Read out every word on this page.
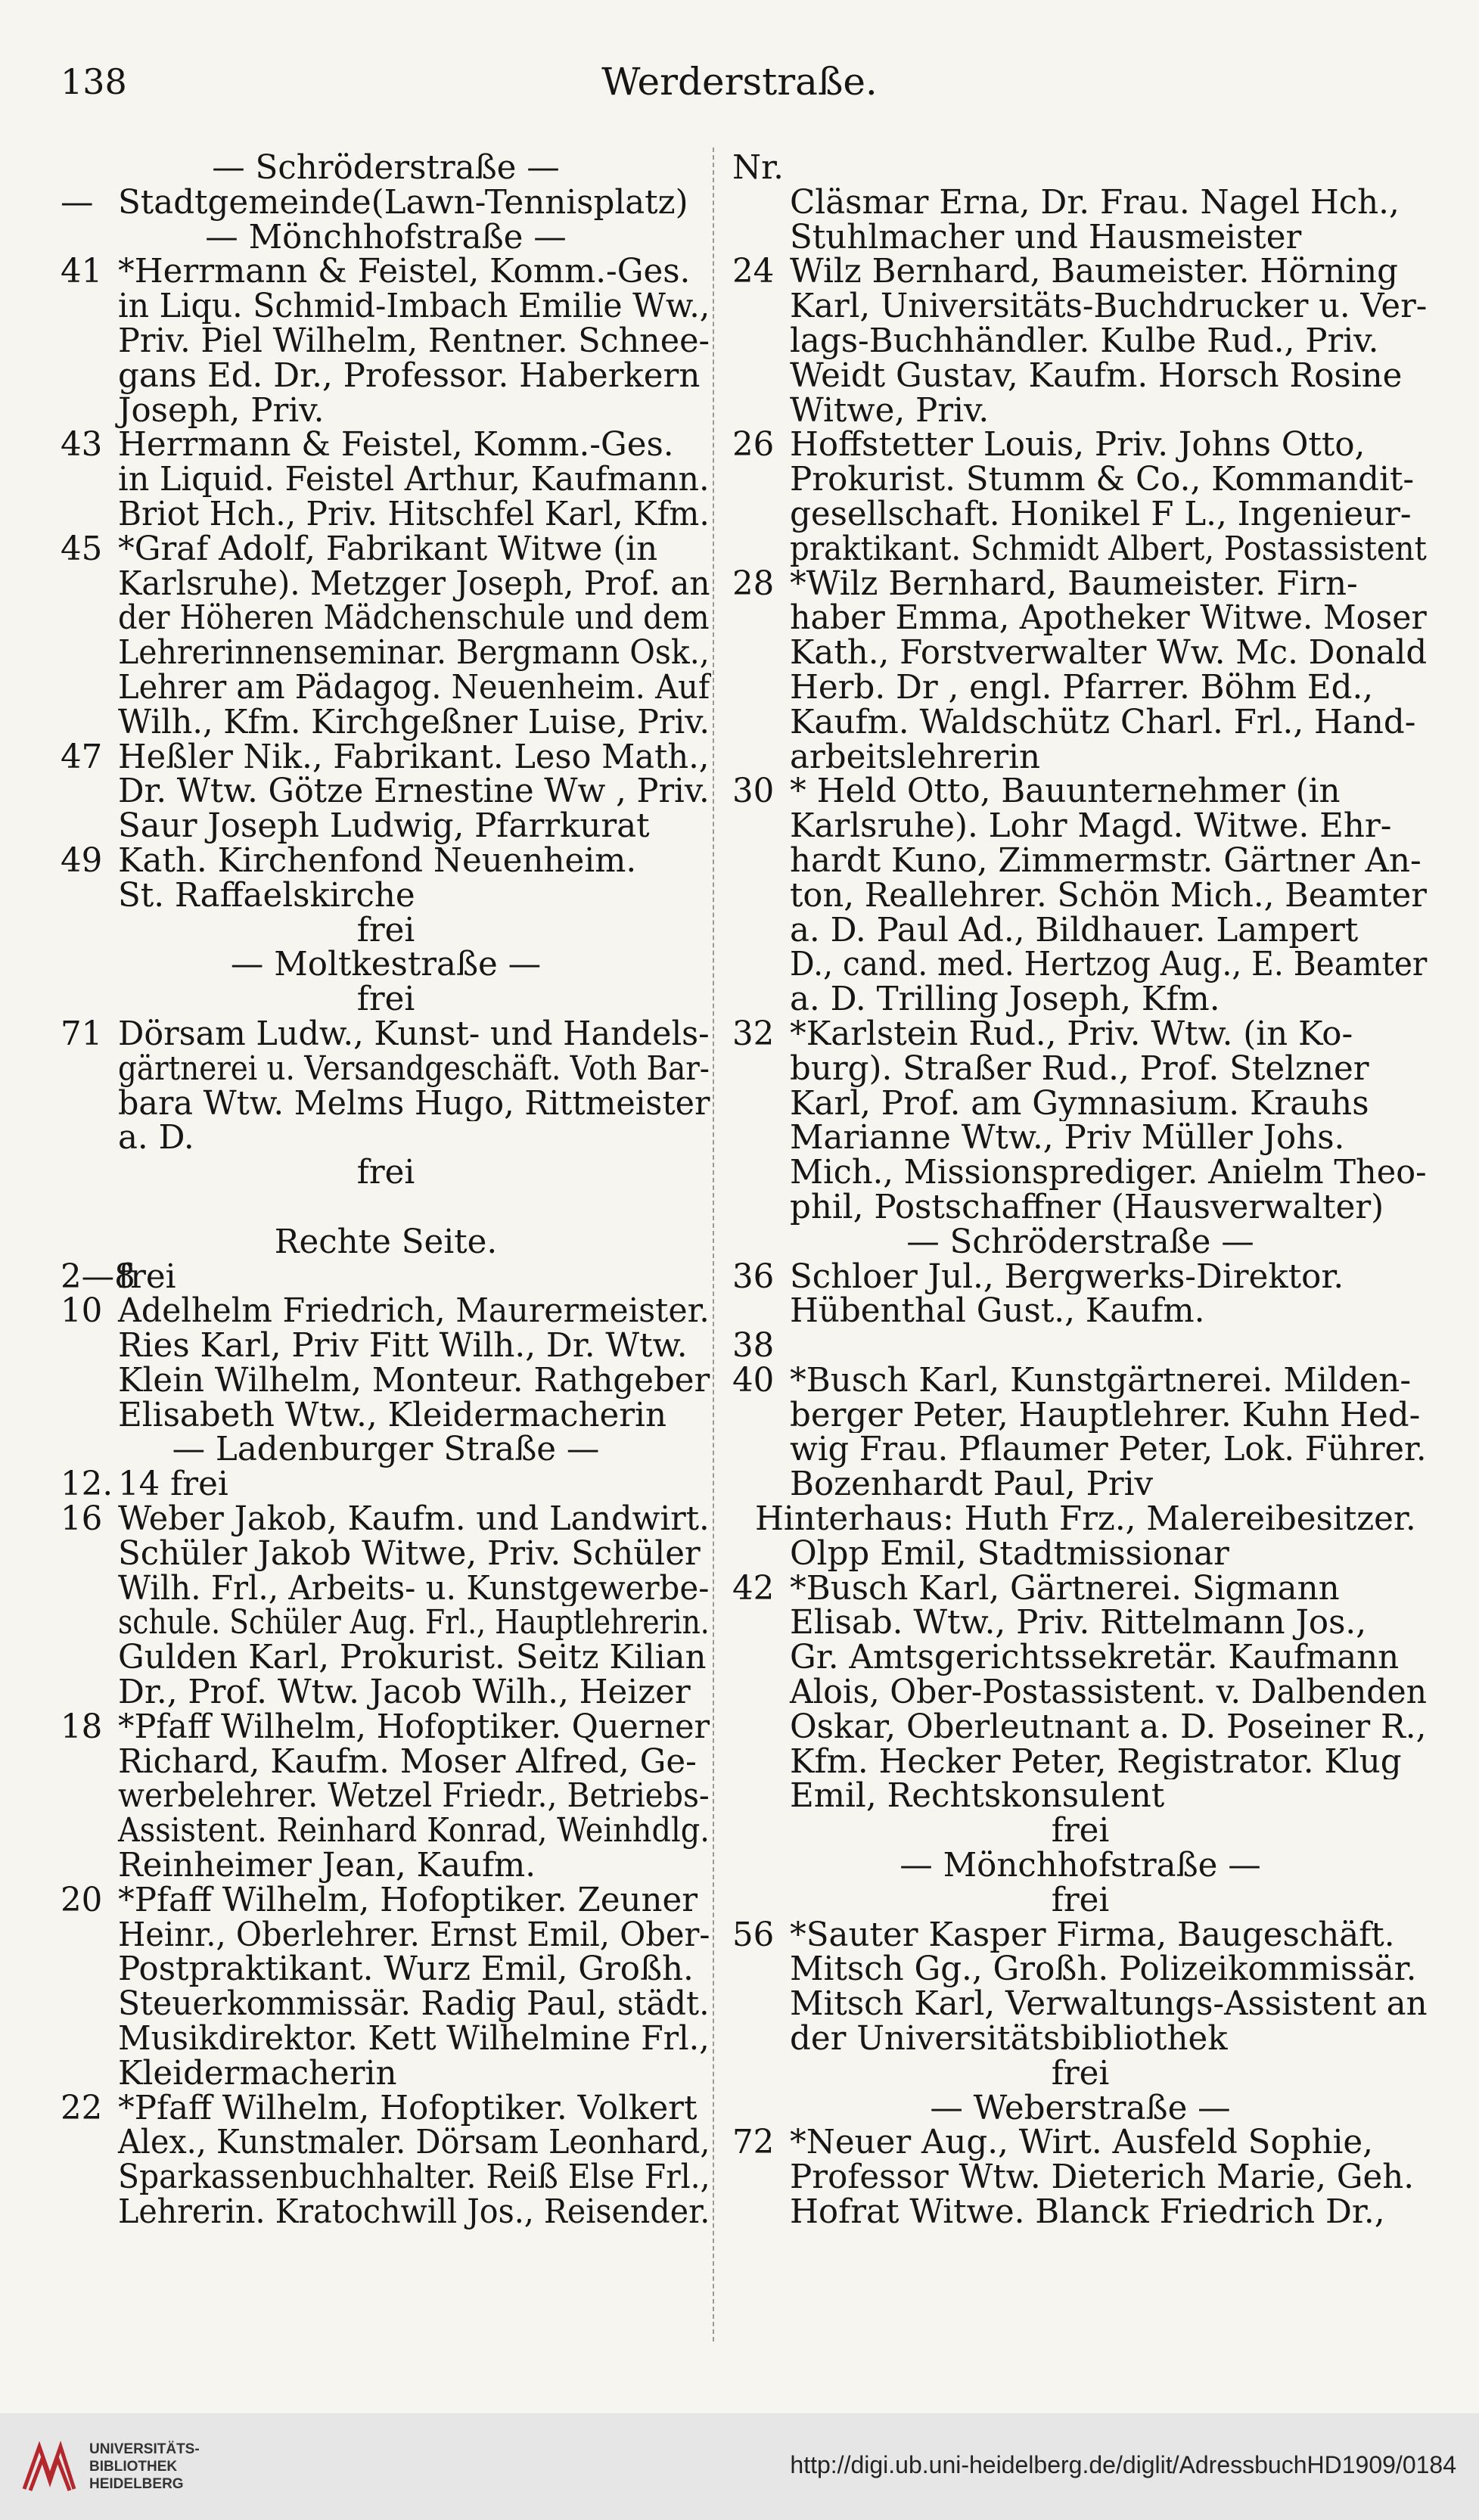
138	Werderstraße.
— Schröderstraße —
— Stadtgemeinde(Lawn-Tennisplatz)
— Mönchhofstraße —
41 *Herrmann & Feistel, Komm.-Ges.
in Liqu. Schmid-Imbach Emilie Ww.,
Priv. Piel Wilhelm, Rentner. Schnee-
gans Ed. Dr., Professor. Haberkern
Joseph, Priv.
43 Herrmann & Feistel, Komm.-Ges.
in Liquid. Feistel Arthur, Kaufmann.
Briot Hch., Priv. Hitschfel Karl, Kfm.
45 *Graf Adolf, Fabrikant Witwe (in
Karlsruhe). Metzger Joseph, Prof. an
der Höheren Mädchenschule und dem
Lehrerinnenseminar. Bergmann Osk.,
Lehrer am Pädagog. Neuenheim. Auf
Wilh., Kfm. Kirchgeßner Luise, Priv.
47 Heßler Nik., Fabrikant. Leso Math.,
Dr. Wtw. Götze Ernestine Ww , Priv.
Saur Joseph Ludwig, Pfarrkurat
49 Kath. Kirchenfond Neuenheim.
St. Raffaelskirche
frei
— Moltkestraße —
frei
71 Dörsam Ludw., Kunst- und Handels-
gärtnerei u. Versandgeschäft. Voth Bar-
bara Wtw. Melms Hugo, Rittmeister
a. D.
frei
Rechte Seite.
2—8frei
10 Adelhelm Friedrich, Maurermeister.
Ries Karl, Priv Fitt Wilh., Dr. Wtw.
Klein Wilhelm, Monteur. Rathgeber
Elisabeth Wtw., Kleidermacherin
— Ladenburger Straße —
12. 14 frei
16 Weber Jakob, Kaufm. und Landwirt.
Schüler Jakob Witwe, Priv. Schüler
Wilh. Frl., Arbeits- u. Kunstgewerbe-
schule. Schüler Aug. Frl., Hauptlehrerin.
Gulden Karl, Prokurist. Seitz Kilian
Dr., Prof. Wtw. Jacob Wilh., Heizer
18 *Pfaff Wilhelm, Hofoptiker. Querner
Richard, Kaufm. Moser Alfred, Ge-
werbelehrer. Wetzel Friedr., Betriebs-
Assistent. Reinhard Konrad, Weinhdlg.
Reinheimer Jean, Kaufm.
20 *Pfaff Wilhelm, Hofoptiker. Zeuner
Heinr., Oberlehrer. Ernst Emil, Ober-
Postpraktikant. Wurz Emil, Großh.
Steuerkommissär. Radig Paul, städt.
Musikdirektor. Kett Wilhelmine Frl.,
Kleidermacherin
22 *Pfaff Wilhelm, Hofoptiker. Volkert
Alex., Kunstmaler. Dörsam Leonhard,
Sparkassenbuchhalter. Reiß Else Frl.,
Lehrerin. Kratochwill Jos., Reisender.
Nr.
Cläsmar Erna, Dr. Frau. Nagel Hch.,
Stuhlmacher und Hausmeister
24 Wilz Bernhard, Baumeister. Hörning
Karl, Universitäts-Buchdrucker u. Ver-
lags-Buchhändler. Kulbe Rud., Priv.
Weidt Gustav, Kaufm. Horsch Rosine
Witwe, Priv.
26 Hoffstetter Louis, Priv. Johns Otto,
Prokurist. Stumm & Co., Kommandit-
gesellschaft. Honikel F L., Ingenieur-
praktikant. Schmidt Albert, Postassistent
28 *Wilz Bernhard, Baumeister. Firn-
haber Emma, Apotheker Witwe. Moser
Kath., Forstverwalter Ww. Mc. Donald
Herb. Dr , engl. Pfarrer. Böhm Ed.,
Kaufm. Waldschütz Charl. Frl., Hand-
arbeitslehrerin
30 * Held Otto, Bauunternehmer (in
Karlsruhe). Lohr Magd. Witwe. Ehr-
hardt Kuno, Zimmermstr. Gärtner An-
ton, Reallehrer. Schön Mich., Beamter
a. D. Paul Ad., Bildhauer. Lampert
D., cand. med. Hertzog Aug., E. Beamter
a. D. Trilling Joseph, Kfm.
32 *Karlstein Rud., Priv. Wtw. (in Ko-
burg). Straßer Rud., Prof. Stelzner
Karl, Prof. am Gymnasium. Krauhs
Marianne Wtw., Priv Müller Johs.
Mich., Missionsprediger. Anielm Theo-
phil, Postschaffner (Hausverwalter)
— Schröderstraße —
36 Schloer Jul., Bergwerks-Direktor.
Hübenthal Gust., Kaufm.
38
40 *Busch Karl, Kunstgärtnerei. Milden-
berger Peter, Hauptlehrer. Kuhn Hed-
wig Frau. Pflaumer Peter, Lok. Führer.
Bozenhardt Paul, Priv
Hinterhaus: Huth Frz., Malereibesitzer.
Olpp Emil, Stadtmissionar
42 *Busch Karl, Gärtnerei. Sigmann
Elisab. Wtw., Priv. Rittelmann Jos.,
Gr. Amtsgerichtssekretär. Kaufmann
Alois, Ober-Postassistent. v. Dalbenden
Oskar, Oberleutnant a. D. Poseiner R.,
Kfm. Hecker Peter, Registrator. Klug
Emil, Rechtskonsulent
frei
— Mönchhofstraße —
frei
56 *Sauter Kasper Firma, Baugeschäft.
Mitsch Gg., Großh. Polizeikommissär.
Mitsch Karl, Verwaltungs-Assistent an
der Universitätsbibliothek
frei
— Weberstraße —
72 *Neuer Aug., Wirt. Ausfeld Sophie,
Professor Wtw. Dieterich Marie, Geh.
Hofrat Witwe. Blanck Friedrich Dr.,
UNIVERSITÄTS-
BIBLIOTHEK
HEIDELBERG
http://digi.ub.uni-heidelberg.de/diglit/AdressbuchHD1909/0184
